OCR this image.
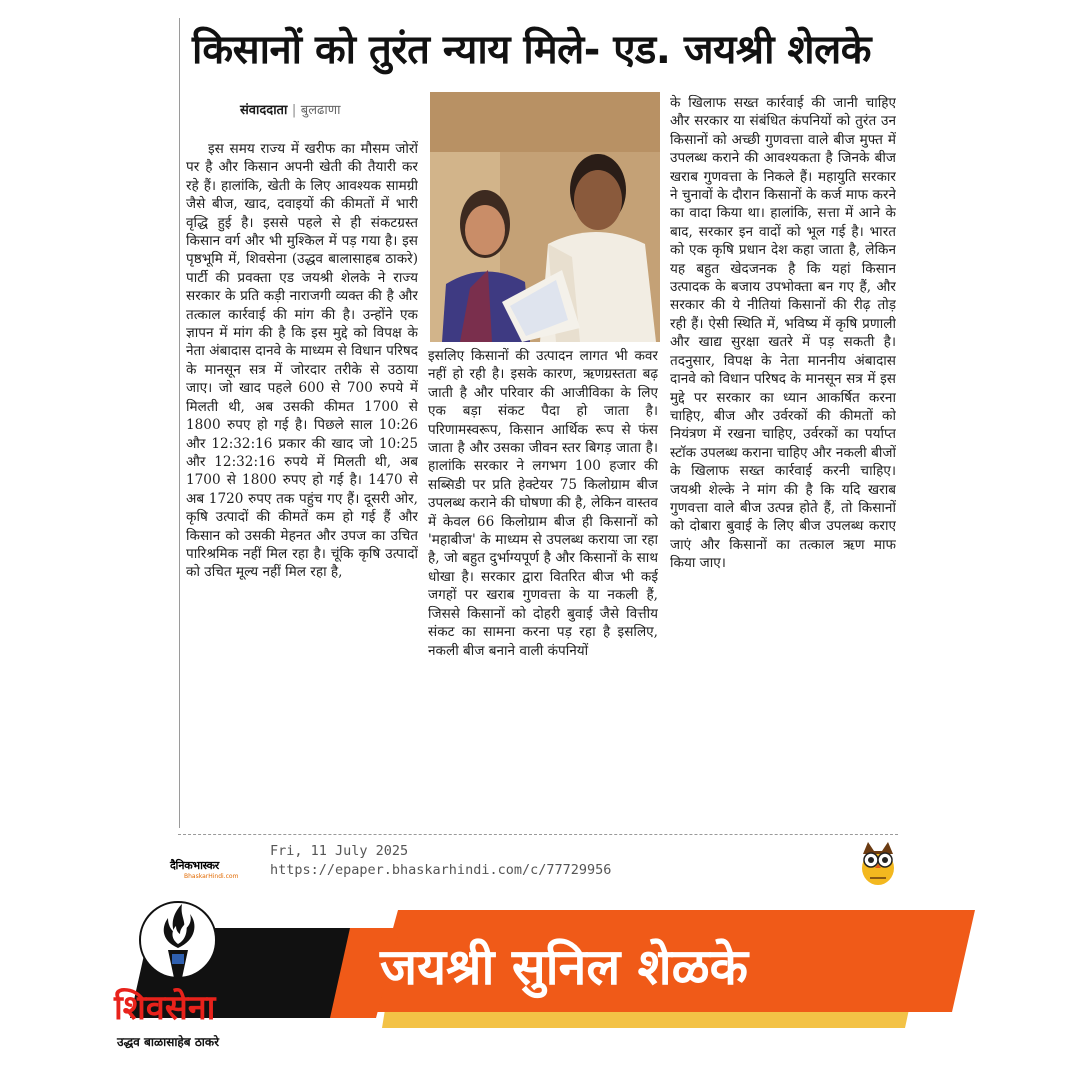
किसानों को तुरंत न्याय मिले- एड. जयश्री शेलके
संवाददाता | बुलढाणा
इस समय राज्य में खरीफ का मौसम जोरों पर है और किसान अपनी खेती की तैयारी कर रहे हैं। हालांकि, खेती के लिए आवश्यक सामग्री जैसे बीज, खाद, दवाइयों की कीमतों में भारी वृद्धि हुई है। इससे पहले से ही संकटग्रस्त किसान वर्ग और भी मुश्किल में पड़ गया है। इस पृष्ठभूमि में, शिवसेना (उद्धव बालासाहब ठाकरे) पार्टी की प्रवक्ता एड जयश्री शेलके ने राज्य सरकार के प्रति कड़ी नाराजगी व्यक्त की है और तत्काल कार्रवाई की मांग की है। उन्होंने एक ज्ञापन में मांग की है कि इस मुद्दे को विपक्ष के नेता अंबादास दानवे के माध्यम से विधान परिषद के मानसून सत्र में जोरदार तरीके से उठाया जाए। जो खाद पहले 600 से 700 रुपये में मिलती थी, अब उसकी कीमत 1700 से 1800 रुपए हो गई है। पिछले साल 10:26 और 12:32:16 प्रकार की खाद जो 10:25 और 12:32:16 रुपये में मिलती थी, अब 1700 से 1800 रुपए हो गई है। 1470 से अब 1720 रुपए तक पहुंच गए हैं। दूसरी ओर, कृषि उत्पादों की कीमतें कम हो गई हैं और किसान को उसकी मेहनत और उपज का उचित पारिश्रमिक नहीं मिल रहा है। चूंकि कृषि उत्पादों को उचित मूल्य नहीं मिल रहा है,
इसलिए किसानों की उत्पादन लागत भी कवर नहीं हो रही है। इसके कारण, ऋणग्रस्तता बढ़ जाती है और परिवार की आजीविका के लिए एक बड़ा संकट पैदा हो जाता है। परिणामस्वरूप, किसान आर्थिक रूप से फंस जाता है और उसका जीवन स्तर बिगड़ जाता है। हालांकि सरकार ने लगभग 100 हजार की सब्सिडी पर प्रति हेक्टेयर 75 किलोग्राम बीज उपलब्ध कराने की घोषणा की है, लेकिन वास्तव में केवल 66 किलोग्राम बीज ही किसानों को 'महाबीज' के माध्यम से उपलब्ध कराया जा रहा है, जो बहुत दुर्भाग्यपूर्ण है और किसानों के साथ धोखा है। सरकार द्वारा वितरित बीज भी कई जगहों पर खराब गुणवत्ता के या नकली हैं, जिससे किसानों को दोहरी बुवाई जैसे वित्तीय संकट का सामना करना पड़ रहा है इसलिए, नकली बीज बनाने वाली कंपनियों
के खिलाफ सख्त कार्रवाई की जानी चाहिए और सरकार या संबंधित कंपनियों को तुरंत उन किसानों को अच्छी गुणवत्ता वाले बीज मुफ्त में उपलब्ध कराने की आवश्यकता है जिनके बीज खराब गुणवत्ता के निकले हैं। महायुति सरकार ने चुनावों के दौरान किसानों के कर्ज माफ करने का वादा किया था। हालांकि, सत्ता में आने के बाद, सरकार इन वादों को भूल गई है। भारत को एक कृषि प्रधान देश कहा जाता है, लेकिन यह बहुत खेदजनक है कि यहां किसान उत्पादक के बजाय उपभोक्ता बन गए हैं, और सरकार की ये नीतियां किसानों की रीढ़ तोड़ रही हैं। ऐसी स्थिति में, भविष्य में कृषि प्रणाली और खाद्य सुरक्षा खतरे में पड़ सकती है। तदनुसार, विपक्ष के नेता माननीय अंबादास दानवे को विधान परिषद के मानसून सत्र में इस मुद्दे पर सरकार का ध्यान आकर्षित करना चाहिए, बीज और उर्वरकों की कीमतों को नियंत्रण में रखना चाहिए, उर्वरकों का पर्याप्त स्टॉक उपलब्ध कराना चाहिए और नकली बीजों के खिलाफ सख्त कार्रवाई करनी चाहिए। जयश्री शेल्के ने मांग की है कि यदि खराब गुणवत्ता वाले बीज उत्पन्न होते हैं, तो किसानों को दोबारा बुवाई के लिए बीज उपलब्ध कराए जाएं और किसानों का तत्काल ऋण माफ किया जाए।
दैनिकभास्कर
BhaskarHindi.com
Fri, 11 July 2025
https://epaper.bhaskarhindi.com/c/77729956
जयश्री सुनिल शेळके
शिवसेना
उद्धव बाळासाहेब ठाकरे
